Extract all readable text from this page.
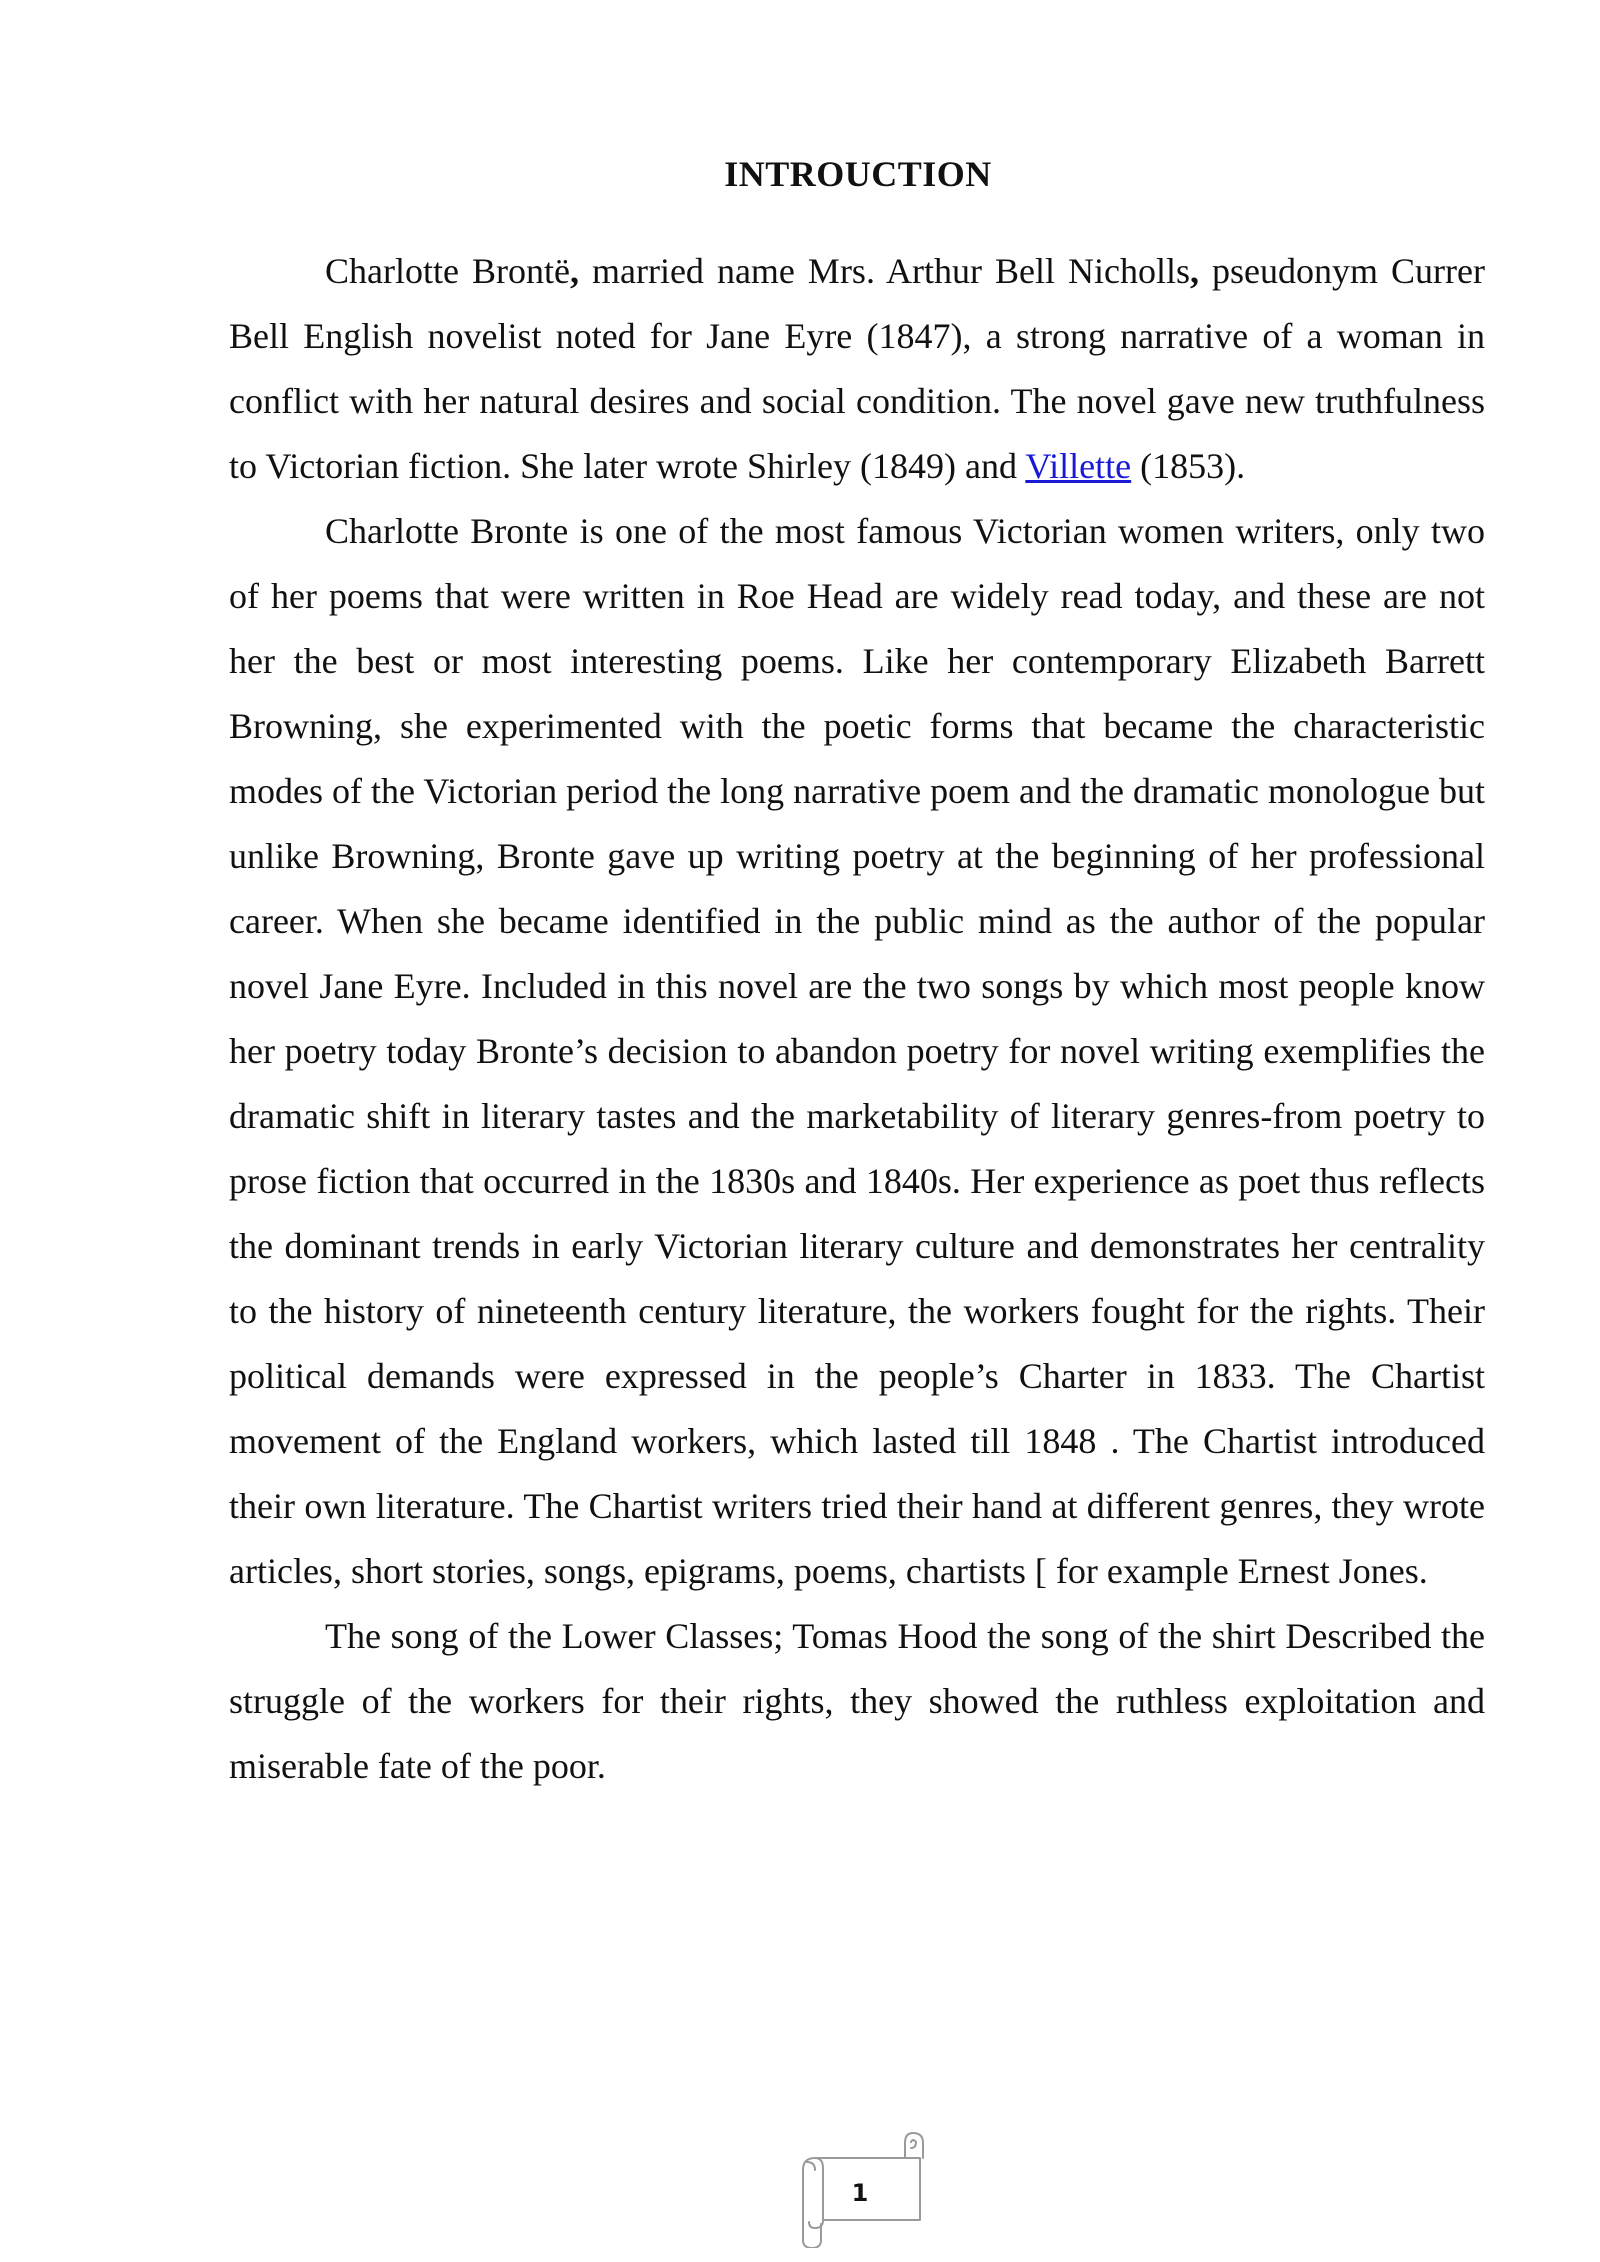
INTROUCTION

Charlotte Brontë, married name Mrs. Arthur Bell Nicholls, pseudonym Currer Bell English novelist noted for Jane Eyre (1847), a strong narrative of a woman in conflict with her natural desires and social condition. The novel gave new truthfulness to Victorian fiction. She later wrote Shirley (1849) and Villette (1853).

Charlotte Bronte is one of the most famous Victorian women writers, only two of her poems that were written in Roe Head are widely read today, and these are not her the best or most interesting poems. Like her contemporary Elizabeth Barrett Browning, she experimented with the poetic forms that became the characteristic modes of the Victorian period the long narrative poem and the dramatic monologue but unlike Browning, Bronte gave up writing poetry at the beginning of her professional career. When she became identified in the public mind as the author of the popular novel Jane Eyre. Included in this novel are the two songs by which most people know her poetry today Bronte’s decision to abandon poetry for novel writing exemplifies the dramatic shift in literary tastes and the marketability of literary genres-from poetry to prose fiction that occurred in the 1830s and 1840s. Her experience as poet thus reflects the dominant trends in early Victorian literary culture and demonstrates her centrality to the history of nineteenth century literature, the workers fought for the rights. Their political demands were expressed in the people’s Charter in 1833. The Chartist movement of the England workers, which lasted till 1848 . The Chartist introduced their own literature. The Chartist writers tried their hand at different genres, they wrote articles, short stories, songs, epigrams, poems, chartists [ for example Ernest Jones.

The song of the Lower Classes; Tomas Hood the song of the shirt Described the struggle of the workers for their rights, they showed the ruthless exploitation and miserable fate of the poor.

1
